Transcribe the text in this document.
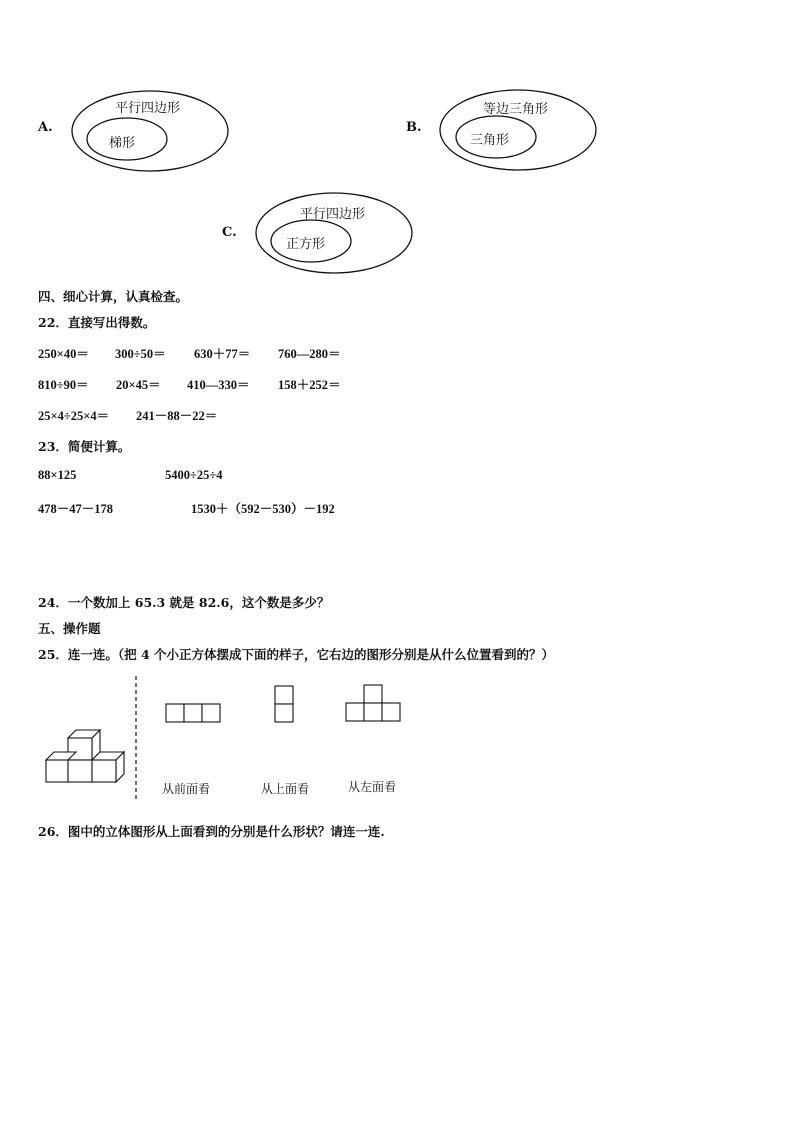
A.
平行四边形
梯形
B.
等边三角形
三角形
C.
平行四边形
正方形
四、细心计算，认真检查。
22．直接写出得数。
250×40＝ 300÷50＝ 630＋77＝ 760—280＝
810÷90＝ 20×45＝ 410—330＝ 158＋252＝
25×4÷25×4＝ 241－88－22＝
23．简便计算。
88×125	5400÷25÷4
478－47－178	1530＋（592－530）－192
24．一个数加上 65.3 就是 82.6，这个数是多少？
五、操作题
25．连一连。（把 4 个小正方体摆成下面的样子，它右边的图形分别是从什么位置看到的？）
从前面看	从上面看	从左面看
26．图中的立体图形从上面看到的分别是什么形状？请连一连.
